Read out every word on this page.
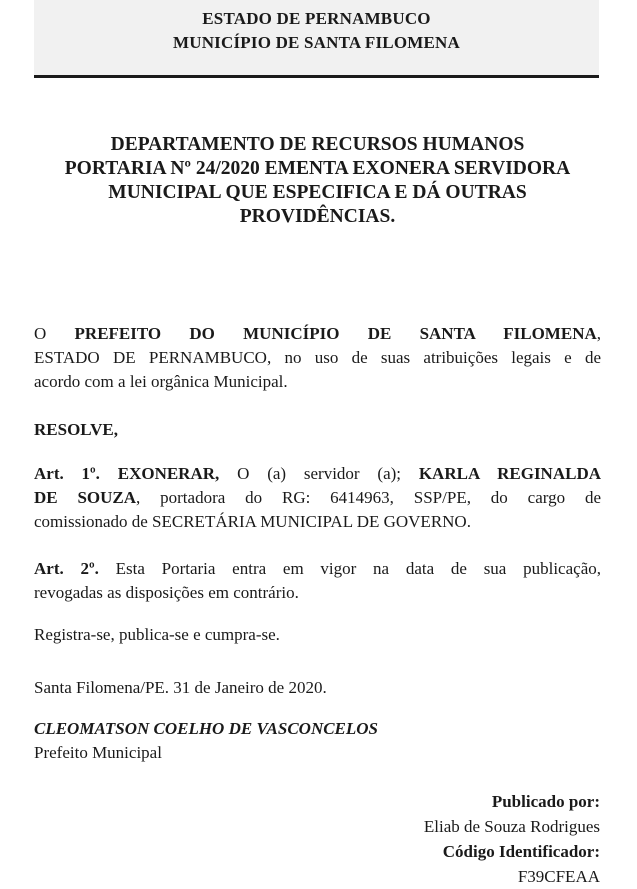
ESTADO DE PERNAMBUCO
MUNICÍPIO DE SANTA FILOMENA
DEPARTAMENTO DE RECURSOS HUMANOS
PORTARIA Nº 24/2020 EMENTA EXONERA SERVIDORA
MUNICIPAL QUE ESPECIFICA E DÁ OUTRAS
PROVIDÊNCIAS.
O PREFEITO DO MUNICÍPIO DE SANTA FILOMENA,
ESTADO DE PERNAMBUCO, no uso de suas atribuições legais e de
acordo com a lei orgânica Municipal.
RESOLVE,
Art. 1º. EXONERAR, O (a) servidor (a); KARLA REGINALDA
DE SOUZA, portadora do RG: 6414963, SSP/PE, do cargo de
comissionado de SECRETÁRIA MUNICIPAL DE GOVERNO.
Art. 2º. Esta Portaria entra em vigor na data de sua publicação,
revogadas as disposições em contrário.
Registra-se, publica-se e cumpra-se.
Santa Filomena/PE. 31 de Janeiro de 2020.
CLEOMATSON COELHO DE VASCONCELOS
Prefeito Municipal
Publicado por:
Eliab de Souza Rodrigues
Código Identificador:
F39CFEAA
